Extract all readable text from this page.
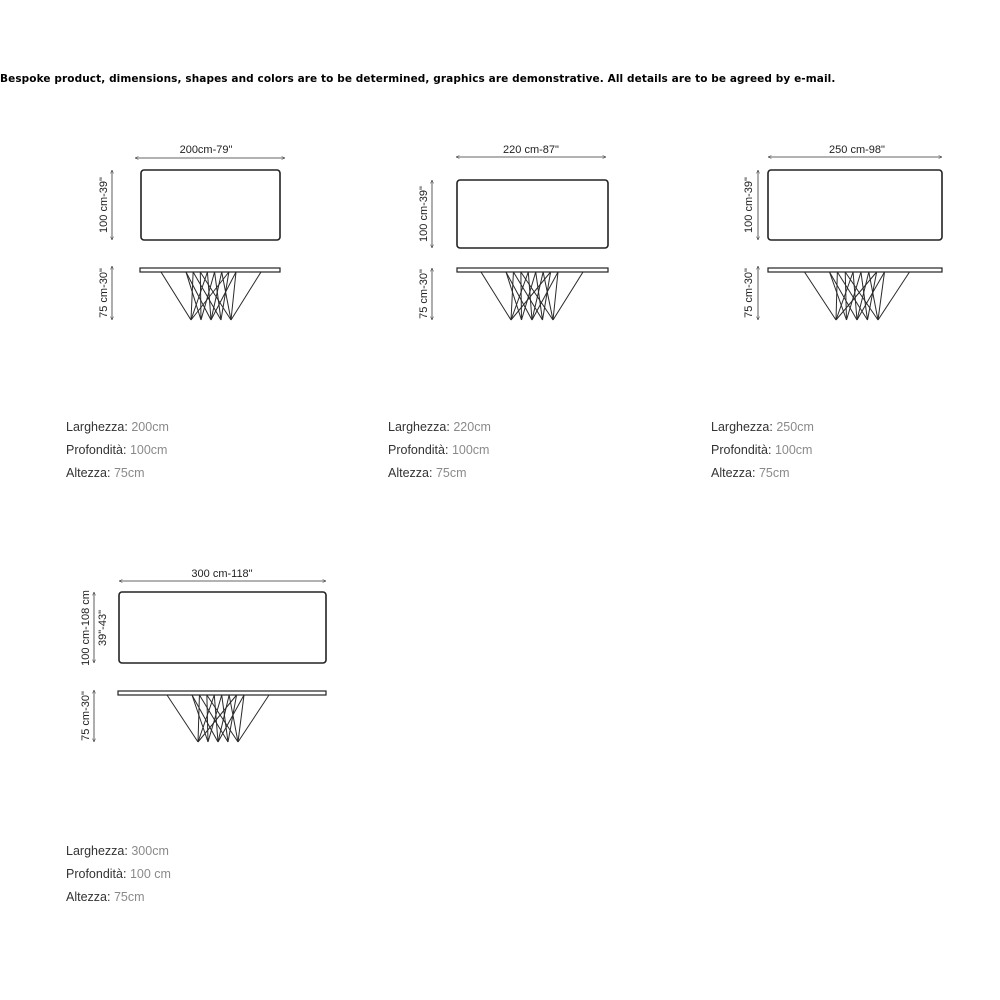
Bespoke product, dimensions, shapes and colors are to be determined, graphics are demonstrative. All details are to be agreed by e-mail.
200cm-79"
100 cm-39"
75 cm-30"
220 cm-87"
100 cm-39"
75 cm-30"
250 cm-98"
100 cm-39"
75 cm-30"
300 cm-118"
100 cm-108 cm 39"-43"
75 cm-30"
Larghezza: 200cm
Profondità: 100cm
Altezza: 75cm
Larghezza: 220cm
Profondità: 100cm
Altezza: 75cm
Larghezza: 250cm
Profondità: 100cm
Altezza: 75cm
Larghezza: 300cm
Profondità: 100 cm
Altezza: 75cm
